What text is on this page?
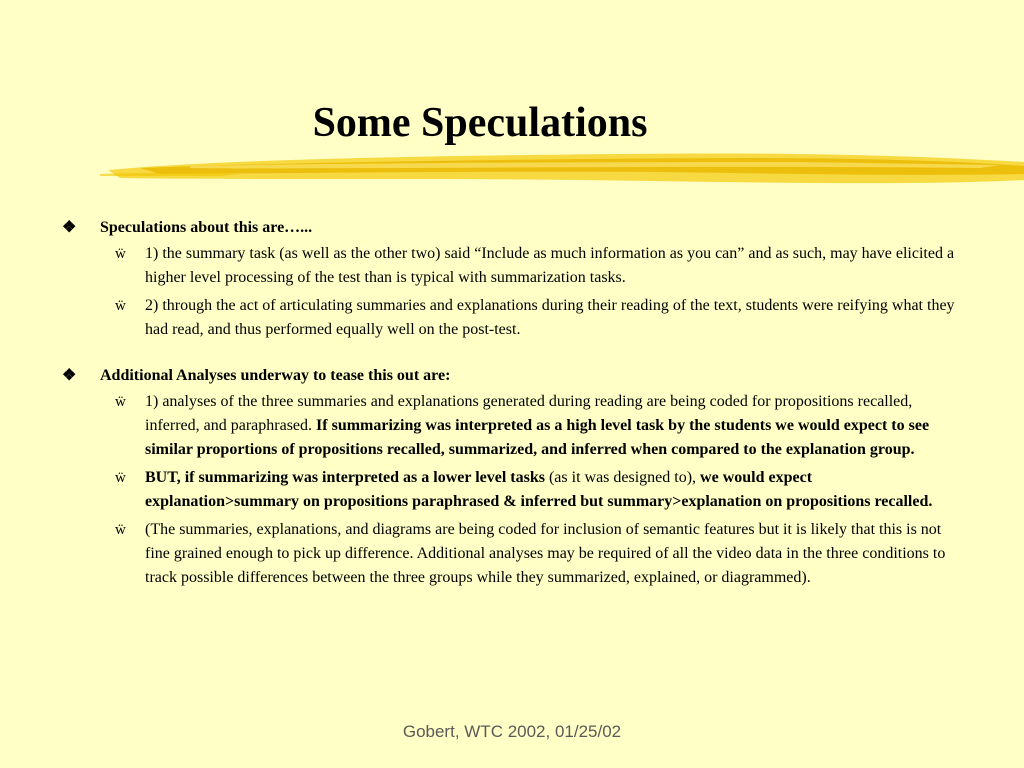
Some Speculations
❖ Speculations about this are…...
ẅ 1) the summary task (as well as the other two) said “Include as much information as you can” and as such, may have elicited a higher level processing of the test than is typical with summarization tasks.
ẅ 2) through the act of articulating summaries and explanations during their reading of the text, students were reifying what they had read, and thus performed equally well on the post-test.
❖ Additional Analyses underway to tease this out are:
ẅ 1) analyses of the three summaries and explanations generated during reading are being coded for propositions recalled, inferred, and paraphrased. If summarizing was interpreted as a high level task by the students we would expect to see similar proportions of propositions recalled, summarized, and inferred when compared to the explanation group.
ẅ BUT, if summarizing was interpreted as a lower level tasks (as it was designed to), we would expect explanation>summary on propositions paraphrased & inferred but summary>explanation on propositions recalled.
ẅ (The summaries, explanations, and diagrams are being coded for inclusion of semantic features but it is likely that this is not fine grained enough to pick up difference. Additional analyses may be required of all the video data in the three conditions to track possible differences between the three groups while they summarized, explained, or diagrammed).
Gobert, WTC 2002, 01/25/02
